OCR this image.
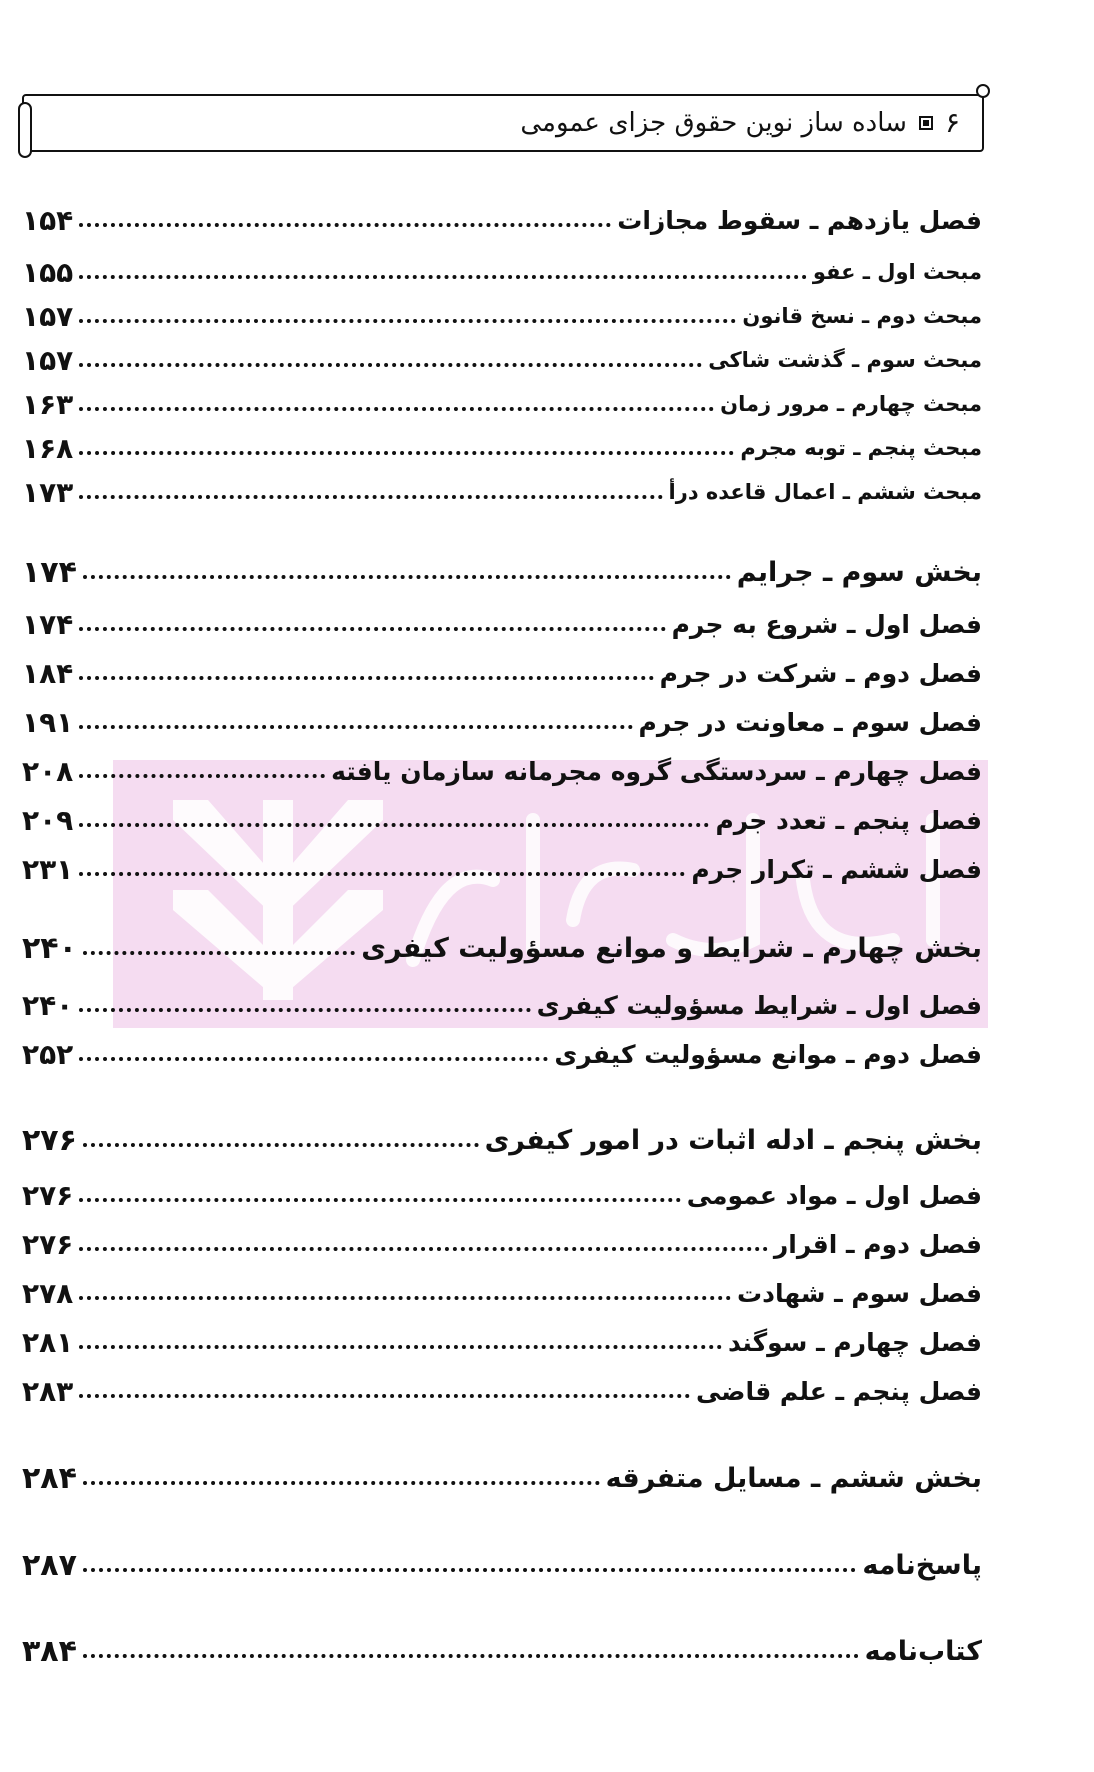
۶
ساده ساز نوین حقوق جزای عمومی
فصل یازدهم ـ سقوط مجازات
۱۵۴
مبحث اول ـ عفو
۱۵۵
مبحث دوم ـ نسخ قانون
۱۵۷
مبحث سوم ـ گذشت شاکی
۱۵۷
مبحث چهارم ـ مرور زمان
۱۶۳
مبحث پنجم ـ توبه مجرم
۱۶۸
مبحث ششم ـ اعمال قاعده درأ
۱۷۳
بخش سوم ـ جرایم
۱۷۴
فصل اول ـ شروع به جرم
۱۷۴
فصل دوم ـ شرکت در جرم
۱۸۴
فصل سوم ـ معاونت در جرم
۱۹۱
فصل چهارم ـ سردستگی گروه مجرمانه سازمان یافته
۲۰۸
فصل پنجم ـ تعدد جرم
۲۰۹
فصل ششم ـ تکرار جرم
۲۳۱
بخش چهارم ـ شرایط و موانع مسؤولیت کیفری
۲۴۰
فصل اول ـ شرایط مسؤولیت کیفری
۲۴۰
فصل دوم ـ موانع مسؤولیت کیفری
۲۵۲
بخش پنجم ـ ادله اثبات در امور کیفری
۲۷۶
فصل اول ـ مواد عمومی
۲۷۶
فصل دوم ـ اقرار
۲۷۶
فصل سوم ـ شهادت
۲۷۸
فصل چهارم ـ سوگند
۲۸۱
فصل پنجم ـ علم قاضی
۲۸۳
بخش ششم ـ مسایل متفرقه
۲۸۴
پاسخ‌نامه
۲۸۷
کتاب‌نامه
۳۸۴
